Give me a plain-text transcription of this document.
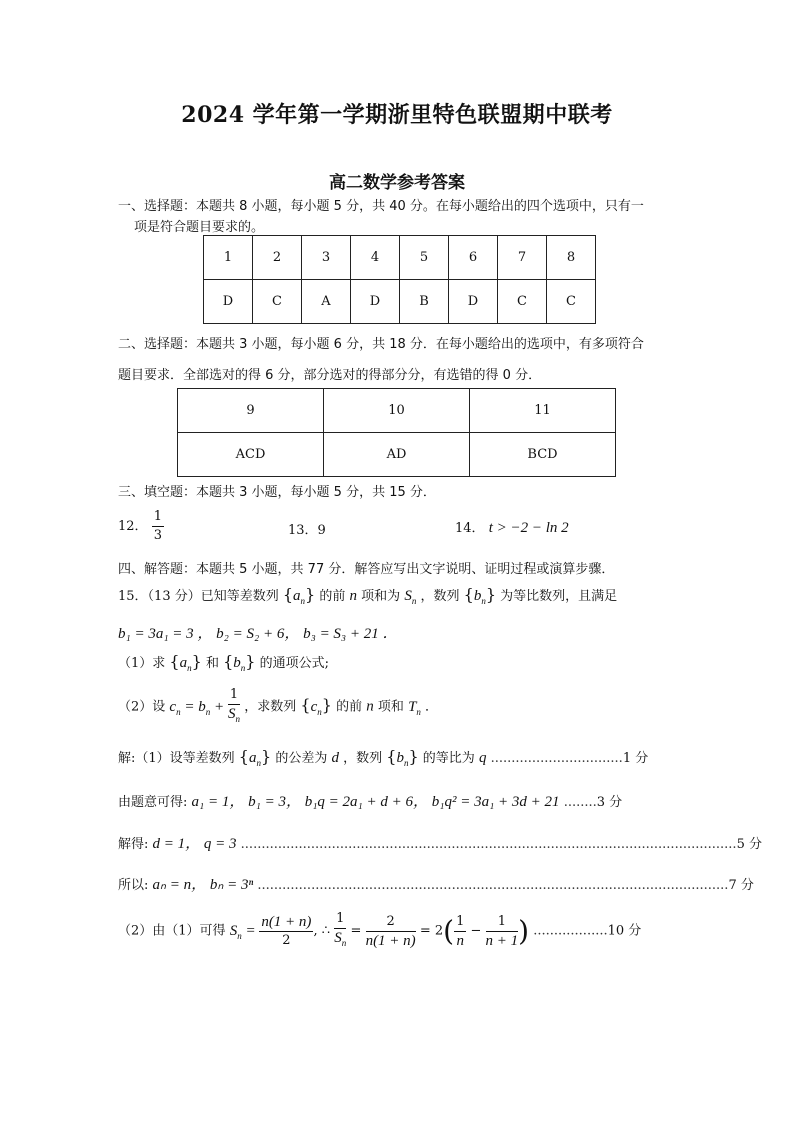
2024 学年第一学期浙里特色联盟期中联考
高二数学参考答案
一、选择题：本题共 8 小题，每小题 5 分，共 40 分。在每小题给出的四个选项中，只有一
项是符合题目要求的。
1	2	3	4	5	6	7	8
D	C	A	D	B	D	C	C
二、选择题：本题共 3 小题，每小题 6 分，共 18 分．在每小题给出的选项中，有多项符合
题目要求．全部选对的得 6 分，部分选对的得部分分，有选错的得 0 分．
9	10	11
ACD	AD	BCD
三、填空题：本题共 3 小题，每小题 5 分，共 15 分．
12． $\frac{1}{3}$	13．9	14． t > −2 − ln 2
四、解答题：本题共 5 小题，共 77 分．解答应写出文字说明、证明过程或演算步骤．
15．（13 分）已知等差数列 $\{a_n\}$ 的前 n 项和为 $S_n$ ，数列 $\{b_n\}$ 为等比数列，且满足
b₁ = 3a₁ = 3 ， b₂ = S₂ + 6， b₃ = S₃ + 21 ．
（1）求 $\{a_n\}$ 和 $\{b_n\}$ 的通项公式;
（2）设 $c_n = b_n + \frac{1}{S_n}$ ，求数列 $\{c_n\}$ 的前 n 项和 $T_n$ ．
解:（1）设等差数列 $\{a_n\}$ 的公差为 d ，数列 $\{b_n\}$ 的等比为 q ................................1 分
由题意可得: a₁ = 1， b₁ = 3， b₁q = 2a₁ + d + 6， b₁q² = 3a₁ + 3d + 21 ........3 分
解得: d = 1， q = 3 ........................................................................................................................5 分
所以: aₙ = n， bₙ = 3ⁿ ..................................................................................................................7 分
（2）由（1）可得 $S_n = \frac{n(1 + n)}{2}$ , ∴ $\frac{1}{S_n} = \frac{2}{n(1 + n)} = 2( \frac{1}{n} - \frac{1}{n + 1}$ ) ..................10 分
